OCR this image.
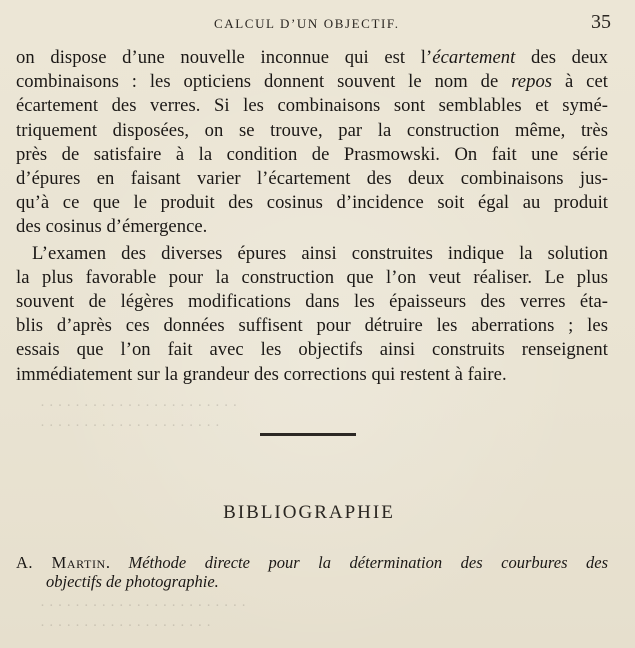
CALCUL D’UN OBJECTIF.	35
on dispose d’une nouvelle inconnue qui est l’écartement des deux
combinaisons : les opticiens donnent souvent le nom de repos à cet
écartement des verres. Si les combinaisons sont semblables et symé-
triquement disposées, on se trouve, par la construction même, très
près de satisfaire à la condition de Prasmowski. On fait une série
d’épures en faisant varier l’écartement des deux combinaisons jus-
qu’à ce que le produit des cosinus d’incidence soit égal au produit
des cosinus d’émergence.
L’examen des diverses épures ainsi construites indique la solution
la plus favorable pour la construction que l’on veut réaliser. Le plus
souvent de légères modifications dans les épaisseurs des verres éta-
blis d’après ces données suffisent pour détruire les aberrations ; les
essais que l’on fait avec les objectifs ainsi construits renseignent
immédiatement sur la grandeur des corrections qui restent à faire.
BIBLIOGRAPHIE
A. Martin. Méthode directe pour la détermination des courbures des
objectifs de photographie.
· · · · · · · · · · · · · · · · · · · · · · ·
· · · · · · · · · · · · · · · · · · · · ·
· · · · · · · · · · · · · · · · · · · · · · · ·
· · · · · · · · · · · · · · · · · · · ·
